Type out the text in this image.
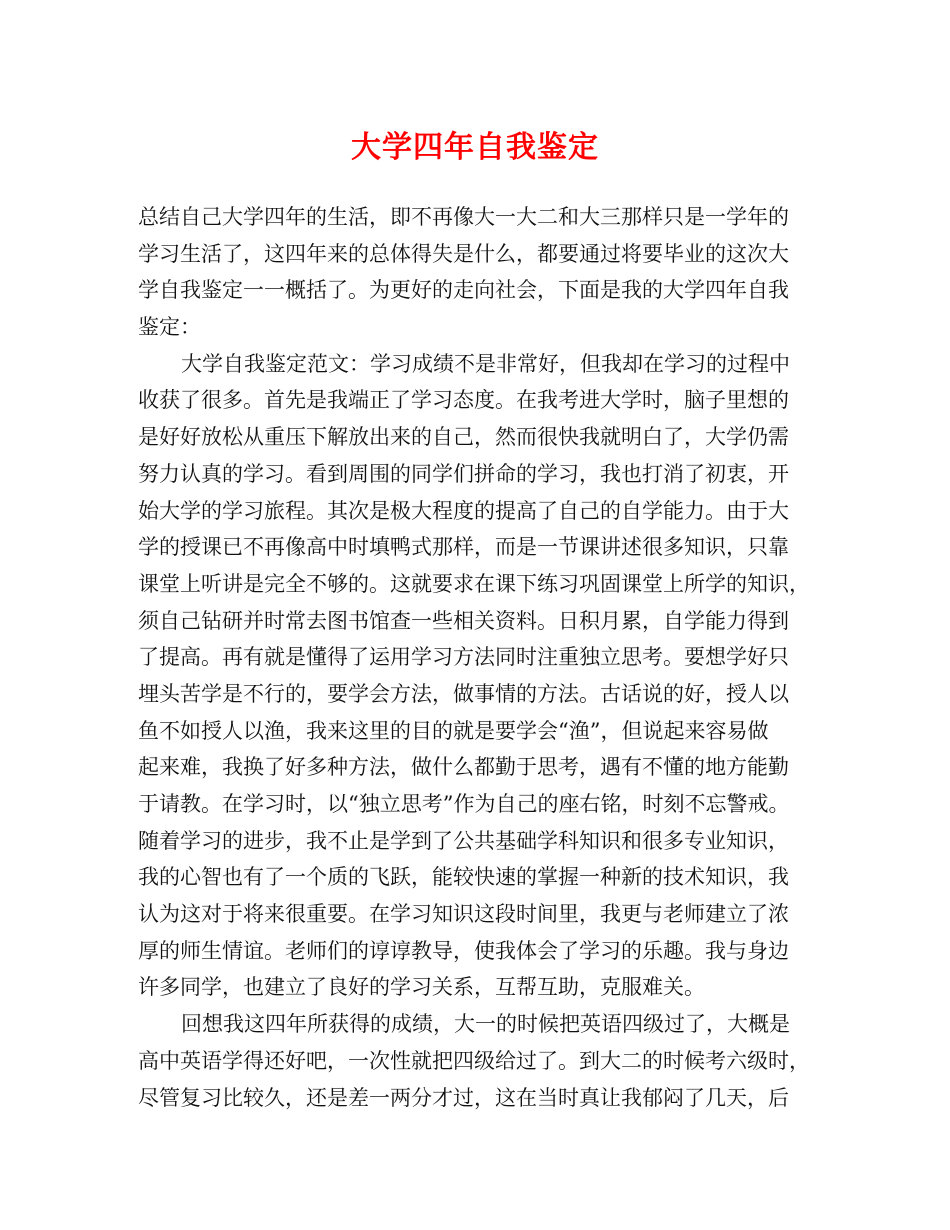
大学四年自我鉴定
总结自己大学四年的生活，即不再像大一大二和大三那样只是一学年的
学习生活了，这四年来的总体得失是什么，都要通过将要毕业的这次大
学自我鉴定一一概括了。为更好的走向社会，下面是我的大学四年自我
鉴定：
大学自我鉴定范文：学习成绩不是非常好，但我却在学习的过程中
收获了很多。首先是我端正了学习态度。在我考进大学时，脑子里想的
是好好放松从重压下解放出来的自己，然而很快我就明白了，大学仍需
努力认真的学习。看到周围的同学们拼命的学习，我也打消了初衷，开
始大学的学习旅程。其次是极大程度的提高了自己的自学能力。由于大
学的授课已不再像高中时填鸭式那样，而是一节课讲述很多知识，只靠
课堂上听讲是完全不够的。这就要求在课下练习巩固课堂上所学的知识，
须自己钻研并时常去图书馆查一些相关资料。日积月累，自学能力得到
了提高。再有就是懂得了运用学习方法同时注重独立思考。要想学好只
埋头苦学是不行的，要学会方法，做事情的方法。古话说的好，授人以
鱼不如授人以渔，我来这里的目的就是要学会“渔”，但说起来容易做
起来难，我换了好多种方法，做什么都勤于思考，遇有不懂的地方能勤
于请教。在学习时，以“独立思考”作为自己的座右铭，时刻不忘警戒。
随着学习的进步，我不止是学到了公共基础学科知识和很多专业知识，
我的心智也有了一个质的飞跃，能较快速的掌握一种新的技术知识，我
认为这对于将来很重要。在学习知识这段时间里，我更与老师建立了浓
厚的师生情谊。老师们的谆谆教导，使我体会了学习的乐趣。我与身边
许多同学，也建立了良好的学习关系，互帮互助，克服难关。
回想我这四年所获得的成绩，大一的时候把英语四级过了，大概是
高中英语学得还好吧，一次性就把四级给过了。到大二的时候考六级时，
尽管复习比较久，还是差一两分才过，这在当时真让我郁闷了几天，后
